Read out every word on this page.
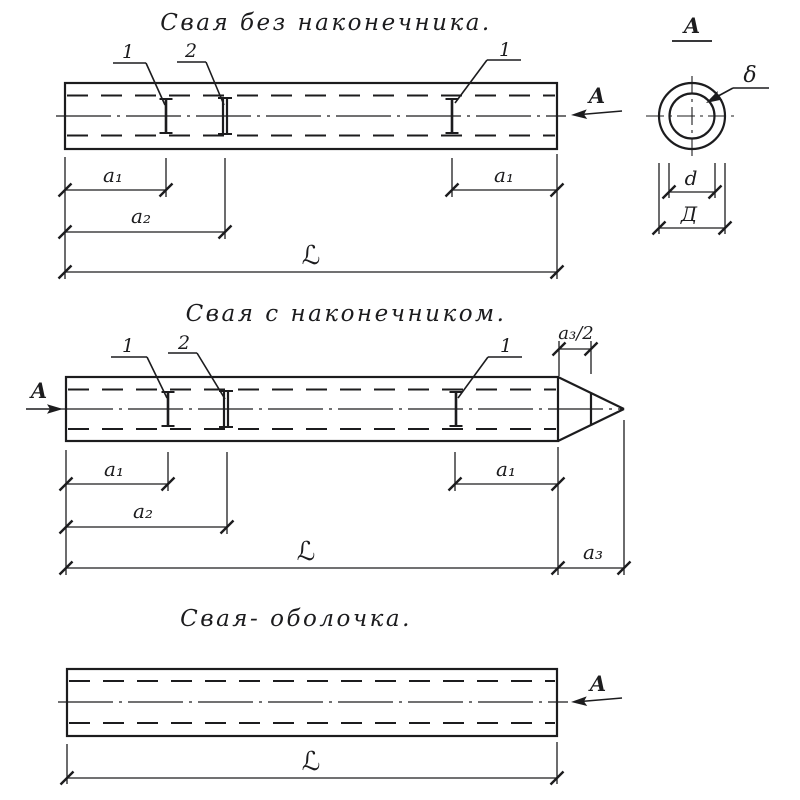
Свая без наконечника.
1	2	1
А
a₁	a₁
a₂
ℒ
А
δ
d
Д
Свая с наконечником.
1 2	1
А
a₃/2
a₁	a₁
a₂
ℒ	a₃
Свая- оболочка.
А
ℒ
